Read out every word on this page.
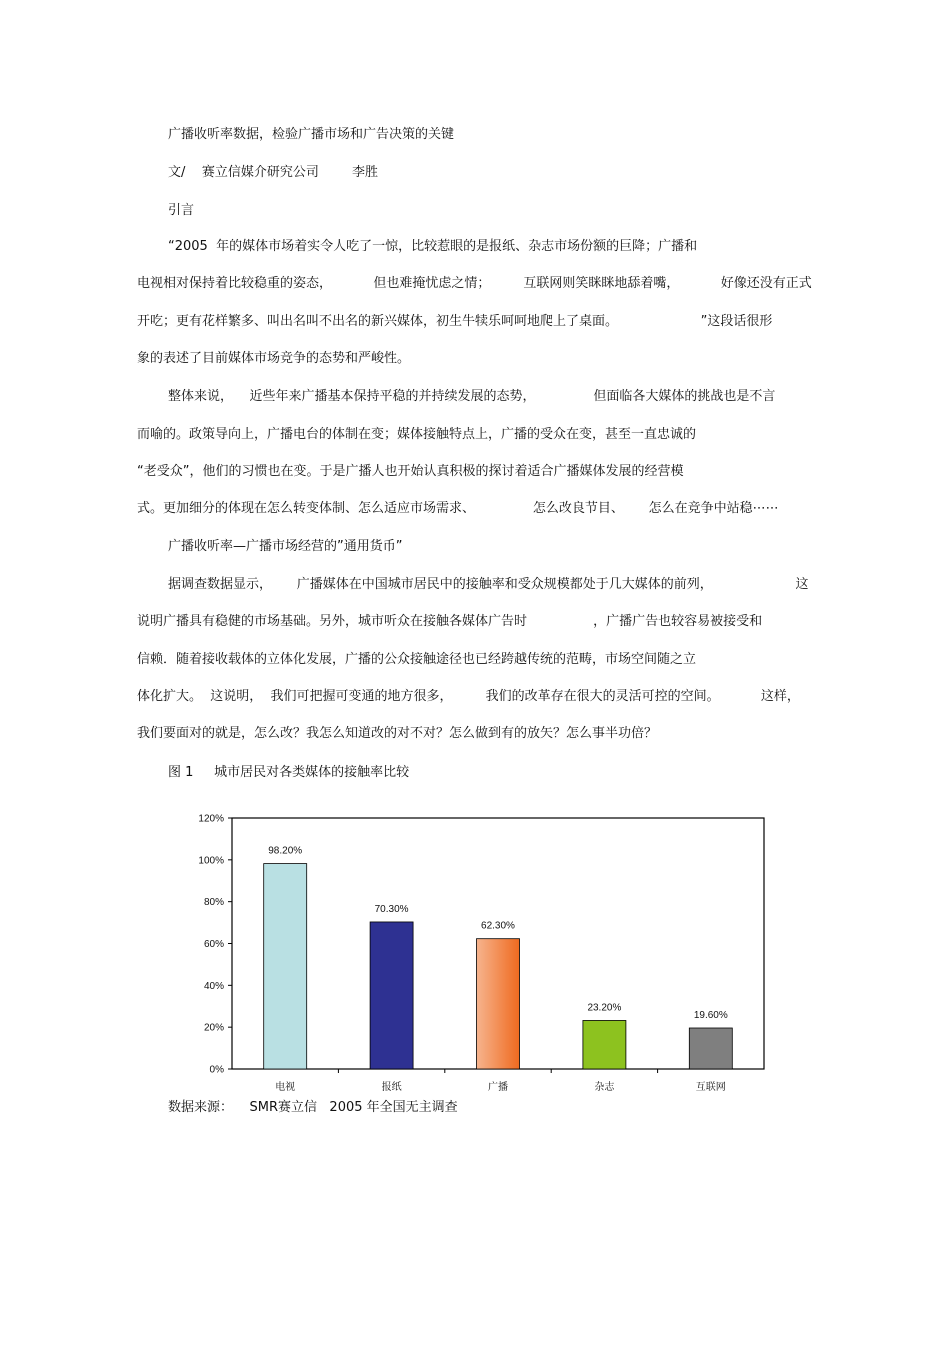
广播收听率数据，检验广播市场和广告决策的关键
文/    赛立信媒介研究公司        李胜
引言
“2005  年的媒体市场着实令人吃了一惊，比较惹眼的是报纸、杂志市场份额的巨降；广播和
电视相对保持着比较稳重的姿态，          但也难掩忧虑之情；        互联网则笑眯眯地舔着嘴，          好像还没有正式
开吃；更有花样繁多、叫出名叫不出名的新兴媒体，初生牛犊乐呵呵地爬上了桌面。                    ”这段话很形
象的表述了目前媒体市场竞争的态势和严峻性。
整体来说，    近些年来广播基本保持平稳的并持续发展的态势，              但面临各大媒体的挑战也是不言
而喻的。政策导向上，广播电台的体制在变；媒体接触特点上，广播的受众在变，甚至一直忠诚的
“老受众”，他们的习惯也在变。于是广播人也开始认真积极的探讨着适合广播媒体发展的经营模
式。更加细分的体现在怎么转变体制、怎么适应市场需求、              怎么改良节目、      怎么在竞争中站稳⋯⋯
广播收听率—广播市场经营的”通用货币”
据调查数据显示，      广播媒体在中国城市居民中的接触率和受众规模都处于几大媒体的前列，                    这
说明广播具有稳健的市场基础。另外，城市听众在接触各媒体广告时                ，广播广告也较容易被接受和
信赖．随着接收载体的立体化发展，广播的公众接触途径也已经跨越传统的范畴，市场空间随之立
体化扩大。  这说明，  我们可把握可变通的地方很多，        我们的改革存在很大的灵活可控的空间。          这样，
我们要面对的就是，怎么改？我怎么知道改的对不对？怎么做到有的放矢？怎么事半功倍？
图 1     城市居民对各类媒体的接触率比较
0%
20%
40%
60%
80%
100%
120%
98.20%
电视
70.30%
报纸
62.30%
广播
23.20%
杂志
19.60%
互联网
数据来源：    SMR赛立信   2005 年全国无主调查
